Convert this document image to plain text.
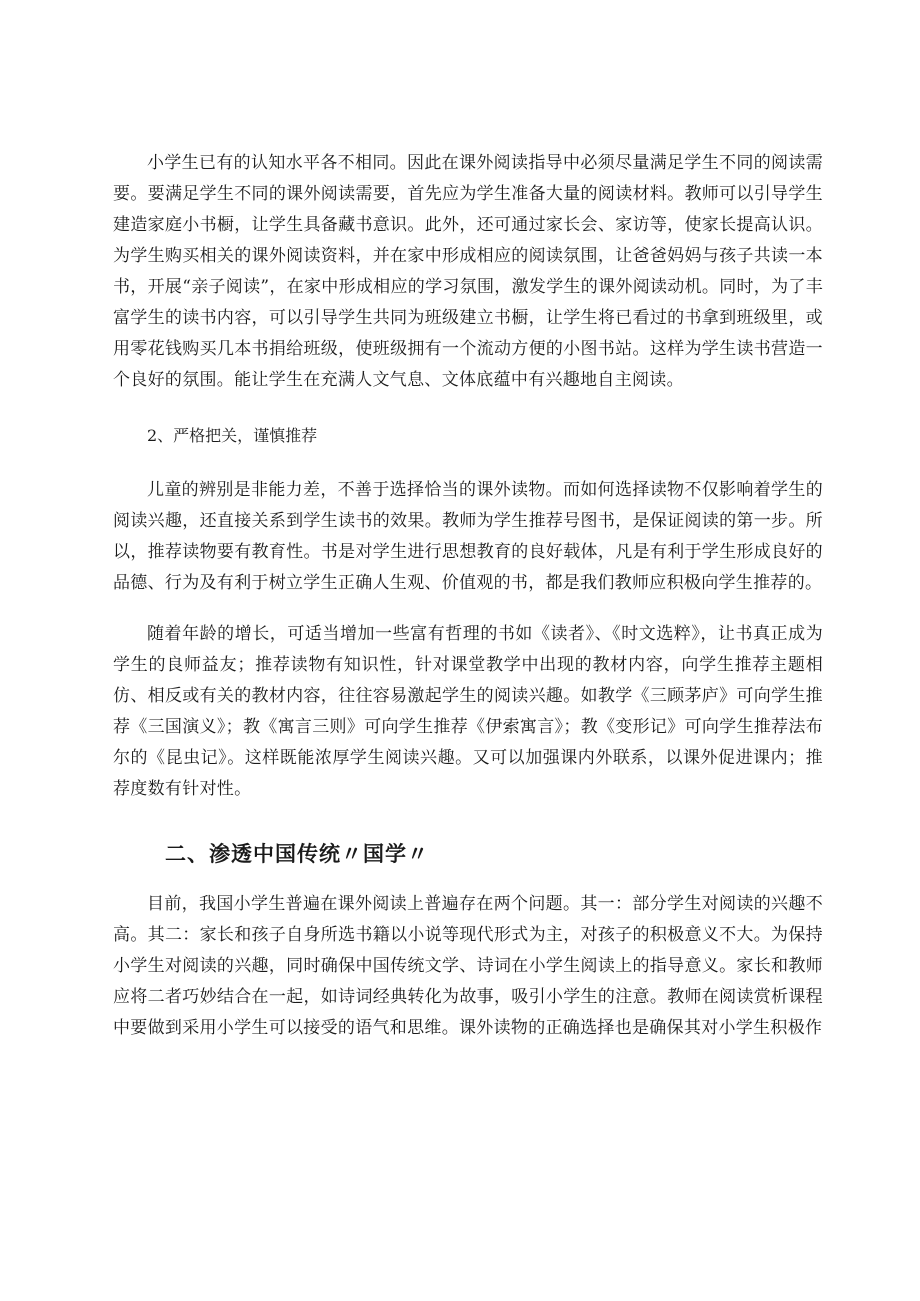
小学生已有的认知水平各不相同。因此在课外阅读指导中必须尽量满足学生不同的阅读需要。要满足学生不同的课外阅读需要，首先应为学生准备大量的阅读材料。教师可以引导学生建造家庭小书橱，让学生具备藏书意识。此外，还可通过家长会、家访等，使家长提高认识。为学生购买相关的课外阅读资料，并在家中形成相应的阅读氛围，让爸爸妈妈与孩子共读一本书，开展“亲子阅读”，在家中形成相应的学习氛围，激发学生的课外阅读动机。同时，为了丰富学生的读书内容，可以引导学生共同为班级建立书橱，让学生将已看过的书拿到班级里，或用零花钱购买几本书捐给班级，使班级拥有一个流动方便的小图书站。这样为学生读书营造一个良好的氛围。能让学生在充满人文气息、文体底蕴中有兴趣地自主阅读。

2、严格把关，谨慎推荐

儿童的辨别是非能力差，不善于选择恰当的课外读物。而如何选择读物不仅影响着学生的阅读兴趣，还直接关系到学生读书的效果。教师为学生推荐号图书，是保证阅读的第一步。所以，推荐读物要有教育性。书是对学生进行思想教育的良好载体，凡是有利于学生形成良好的品德、行为及有利于树立学生正确人生观、价值观的书，都是我们教师应积极向学生推荐的。

随着年龄的增长，可适当增加一些富有哲理的书如《读者》、《时文选粹》，让书真正成为学生的良师益友；推荐读物有知识性，针对课堂教学中出现的教材内容，向学生推荐主题相仿、相反或有关的教材内容，往往容易激起学生的阅读兴趣。如教学《三顾茅庐》可向学生推荐《三国演义》；教《寓言三则》可向学生推荐《伊索寓言》；教《变形记》可向学生推荐法布尔的《昆虫记》。这样既能浓厚学生阅读兴趣。又可以加强课内外联系，以课外促进课内；推荐度数有针对性。

二、渗透中国传统〃国学〃

目前，我国小学生普遍在课外阅读上普遍存在两个问题。其一：部分学生对阅读的兴趣不高。其二：家长和孩子自身所选书籍以小说等现代形式为主，对孩子的积极意义不大。为保持小学生对阅读的兴趣，同时确保中国传统文学、诗词在小学生阅读上的指导意义。家长和教师应将二者巧妙结合在一起，如诗词经典转化为故事，吸引小学生的注意。教师在阅读赏析课程中要做到采用小学生可以接受的语气和思维。课外读物的正确选择也是确保其对小学生积极作
